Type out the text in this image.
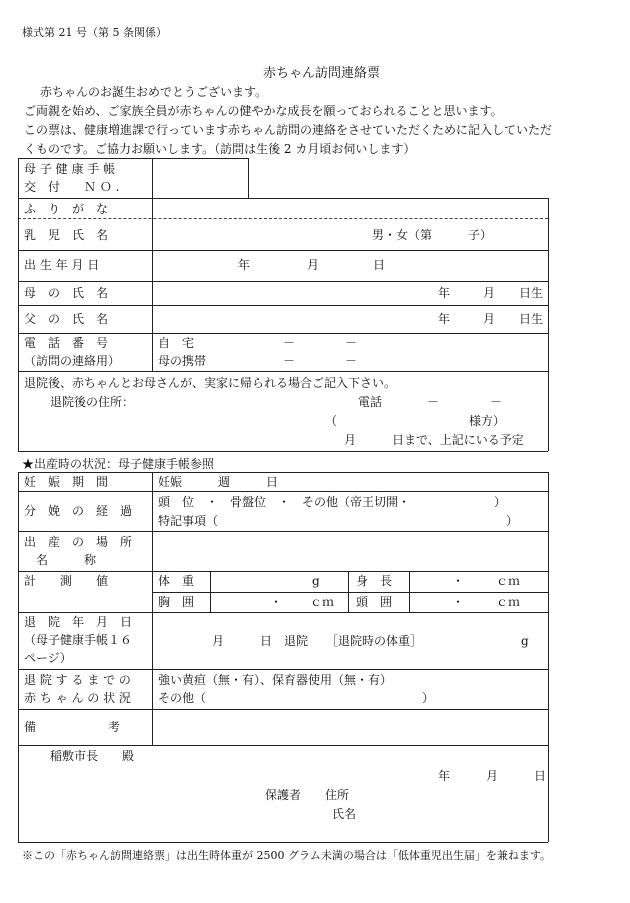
様式第 21 号（第 5 条関係）
赤ちゃん訪問連絡票
赤ちゃんのお誕生おめでとうございます。
ご両親を始め、ご家族全員が赤ちゃんの健やかな成長を願っておられることと思います。
この票は、健康増進課で行っています赤ちゃん訪問の連絡をさせていただくために記入していただ
くものです。ご協力お願いします。（訪問は生後 2 カ月頃お伺いします）
母 子 健 康 手 帳
交　付　　Ｎ Ｏ .
ふ　り　が　な
乳　児　氏　名	男・女（第　　　子）
出 生 年 月 日	年	月	日
母　の　氏　名	年	月 日生
父　の　氏　名	年	月 日生
電　話　番　号
（訪問の連絡用）
自　宅	－	－
母の携帯	－	－
退院後、赤ちゃんとお母さんが、実家に帰られる場合ご記入下さい。
退院後の住所：	電話	－	－
（　　　　　　　　　　　様方）
月　　　日まで、上記にいる予定
★出産時の状況：母子健康手帳参照
妊　娠　期　間	妊娠　　　週　　　日
分　娩　の　経　過
頭　位　・　骨盤位　・　その他（帝王切開・　　　　　　　）
特記事項（　　　　　　　　　　　　　　　　　　　　　　　　）
出　産　の　場　所
名　　　称
計　　測　　値	体　重	g	身　長	・	ｃｍ
胸　囲	・ ｃｍ 頭　囲	・	ｃｍ
退　院　年　月　日
（母子健康手帳１６
ページ）
月　　　日　退院　　［退院時の体重］	g
退 院 す る ま で の
赤 ち ゃ ん の 状 況
強い黄疸（無・有）、保育器使用（無・有）
その他（　　　　　　　　　　　　　　　　　　）
備　　　　　　考
稲敷市長　　殿
年　　　月　　　日
保護者　　住所
氏名
※この「赤ちゃん訪問連絡票」は出生時体重が 2500 グラム未満の場合は「低体重児出生届」を兼ねます。
